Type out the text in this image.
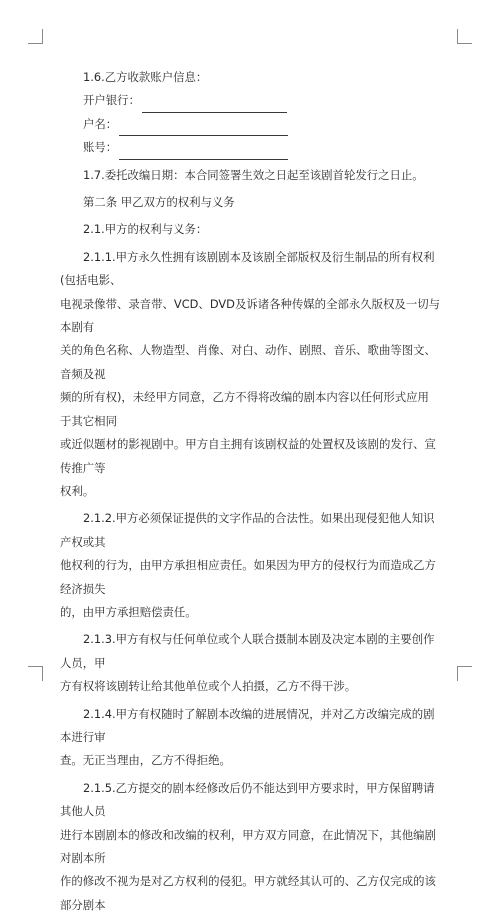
1.6.乙方收款账户信息：

开户银行：
户名：
账号：

1.7.委托改编日期：本合同签署生效之日起至该剧首轮发行之日止。

第二条 甲乙双方的权利与义务

2.1.甲方的权利与义务：

2.1.1.甲方永久性拥有该剧剧本及该剧全部版权及衍生制品的所有权利(包括电影、

电视录像带、录音带、VCD、DVD及诉诸各种传媒的全部永久版权及一切与本剧有

关的角色名称、人物造型、肖像、对白、动作、剧照、音乐、歌曲等图文、音频及视

频的所有权)，未经甲方同意，乙方不得将改编的剧本内容以任何形式应用于其它相同

或近似题材的影视剧中。甲方自主拥有该剧权益的处置权及该剧的发行、宣传推广等

权利。

2.1.2.甲方必须保证提供的文字作品的合法性。如果出现侵犯他人知识产权或其

他权利的行为，由甲方承担相应责任。如果因为甲方的侵权行为而造成乙方经济损失

的，由甲方承担赔偿责任。

2.1.3.甲方有权与任何单位或个人联合摄制本剧及决定本剧的主要创作人员，甲

方有权将该剧转让给其他单位或个人拍摄，乙方不得干涉。

2.1.4.甲方有权随时了解剧本改编的进展情况，并对乙方改编完成的剧本进行审

查。无正当理由，乙方不得拒绝。

2.1.5.乙方提交的剧本经修改后仍不能达到甲方要求时，甲方保留聘请其他人员

进行本剧剧本的修改和改编的权利，甲方双方同意，在此情况下，其他编剧对剧本所

作的修改不视为是对乙方权利的侵犯。甲方就经其认可的、乙方仅完成的该部分剧本
